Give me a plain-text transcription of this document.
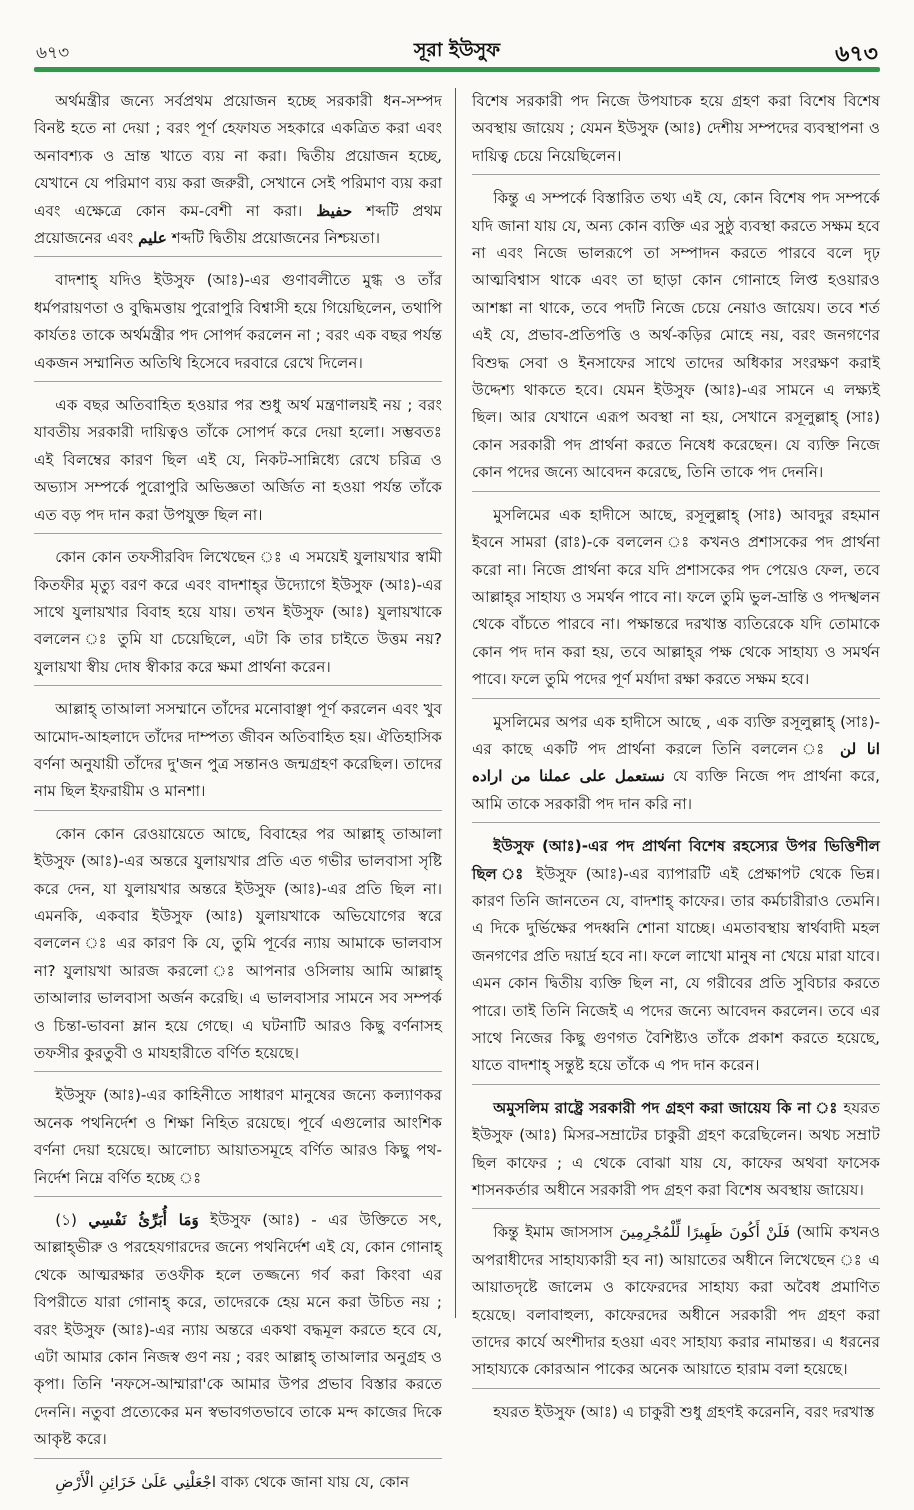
৬৭৩	সূরা ইউসুফ	৬৭৩

অর্থমন্ত্রীর জন্যে সর্বপ্রথম প্রয়োজন হচ্ছে সরকারী ধন-সম্পদ বিনষ্ট হতে না দেয়া ; বরং পূর্ণ হেফাযত সহকারে একত্রিত করা এবং অনাবশ্যক ও ভ্রান্ত খাতে ব্যয় না করা। দ্বিতীয় প্রয়োজন হচ্ছে, যেখানে যে পরিমাণ ব্যয় করা জরুরী, সেখানে সেই পরিমাণ ব্যয় করা এবং এক্ষেত্রে কোন কম-বেশী না করা। حفيظ শব্দটি প্রথম প্রয়োজনের এবং عليم শব্দটি দ্বিতীয় প্রয়োজনের নিশ্চয়তা।

বাদশাহ্‌ যদিও ইউসুফ (আঃ)-এর গুণাবলীতে মুগ্ধ ও তাঁর ধর্মপরায়ণতা ও বুদ্ধিমত্তায় পুরোপুরি বিশ্বাসী হয়ে গিয়েছিলেন, তথাপি কার্যতঃ তাকে অর্থমন্ত্রীর পদ সোপর্দ করলেন না ; বরং এক বছর পর্যন্ত একজন সম্মানিত অতিথি হিসেবে দরবারে রেখে দিলেন।

এক বছর অতিবাহিত হওয়ার পর শুধু অর্থ মন্ত্রণালয়ই নয় ; বরং যাবতীয় সরকারী দায়িত্বও তাঁকে সোপর্দ করে দেয়া হলো। সম্ভবতঃ এই বিলম্বের কারণ ছিল এই যে, নিকট-সান্নিধ্যে রেখে চরিত্র ও অভ্যাস সম্পর্কে পুরোপুরি অভিজ্ঞতা অর্জিত না হওয়া পর্যন্ত তাঁকে এত বড় পদ দান করা উপযুক্ত ছিল না।

কোন কোন তফসীরবিদ লিখেছেন ঃ এ সময়েই যুলায়খার স্বামী কিতফীর মৃত্যু বরণ করে এবং বাদশাহ্‌র উদ্যোগে ইউসুফ (আঃ)-এর সাথে যুলায়খার বিবাহ হয়ে যায়। তখন ইউসুফ (আঃ) যুলায়খাকে বললেন ঃ তুমি যা চেয়েছিলে, এটা কি তার চাইতে উত্তম নয়? যুলায়খা স্বীয় দোষ স্বীকার করে ক্ষমা প্রার্থনা করেন।

আল্লাহ্‌ তাআলা সসম্মানে তাঁদের মনোবাঞ্ছা পূর্ণ করলেন এবং খুব আমোদ-আহলাদে তাঁদের দাম্পত্য জীবন অতিবাহিত হয়। ঐতিহাসিক বর্ণনা অনুযায়ী তাঁদের দু'জন পুত্র সন্তানও জন্মগ্রহণ করেছিল। তাদের নাম ছিল ইফরায়ীম ও মানশা।

কোন কোন রেওয়ায়েতে আছে, বিবাহের পর আল্লাহ্‌ তাআলা ইউসুফ (আঃ)-এর অন্তরে যুলায়খার প্রতি এত গভীর ভালবাসা সৃষ্টি করে দেন, যা যুলায়খার অন্তরে ইউসুফ (আঃ)-এর প্রতি ছিল না। এমনকি, একবার ইউসুফ (আঃ) যুলায়খাকে অভিযোগের স্বরে বললেন ঃ এর কারণ কি যে, তুমি পূর্বের ন্যায় আমাকে ভালবাস না? যুলায়খা আরজ করলো ঃ আপনার ওসিলায় আমি আল্লাহ্‌ তাআলার ভালবাসা অর্জন করেছি। এ ভালবাসার সামনে সব সম্পর্ক ও চিন্তা-ভাবনা ম্লান হয়ে গেছে। এ ঘটনাটি আরও কিছু বর্ণনাসহ তফসীর কুরতুবী ও মাযহারীতে বর্ণিত হয়েছে।

ইউসুফ (আঃ)-এর কাহিনীতে সাধারণ মানুষের জন্যে কল্যাণকর অনেক পথনির্দেশ ও শিক্ষা নিহিত রয়েছে। পূর্বে এগুলোর আংশিক বর্ণনা দেয়া হয়েছে। আলোচ্য আয়াতসমূহে বর্ণিত আরও কিছু পথ-নির্দেশ নিম্নে বর্ণিত হচ্ছে ঃ

(১) وَمَا أُبَرِّئُ نَفْسِي ইউসুফ (আঃ) - এর উক্তিতে সৎ, আল্লাহ্‌ভীরু ও পরহেযগারদের জন্যে পথনির্দেশ এই যে, কোন গোনাহ্‌ থেকে আত্মরক্ষার তওফীক হলে তজ্জন্যে গর্ব করা কিংবা এর বিপরীতে যারা গোনাহ্‌ করে, তাদেরকে হেয় মনে করা উচিত নয় ; বরং ইউসুফ (আঃ)-এর ন্যায় অন্তরে একথা বদ্ধমূল করতে হবে যে, এটা আমার কোন নিজস্ব গুণ নয় ; বরং আল্লাহ্‌ তাআলার অনুগ্রহ ও কৃপা। তিনি 'নফসে-আম্মারা'কে আমার উপর প্রভাব বিস্তার করতে দেননি। নতুবা প্রত্যেকের মন স্বভাবগতভাবে তাকে মন্দ কাজের দিকে আকৃষ্ট করে।

اجْعَلْنِي عَلَىٰ خَزَائِنِ الْأَرْضِ বাক্য থেকে জানা যায় যে, কোন

বিশেষ সরকারী পদ নিজে উপযাচক হয়ে গ্রহণ করা বিশেষ বিশেষ অবস্থায় জায়েয ; যেমন ইউসুফ (আঃ) দেশীয় সম্পদের ব্যবস্থাপনা ও দায়িত্ব চেয়ে নিয়েছিলেন।

কিন্তু এ সম্পর্কে বিস্তারিত তথ্য এই যে, কোন বিশেষ পদ সম্পর্কে যদি জানা যায় যে, অন্য কোন ব্যক্তি এর সুষ্ঠু ব্যবস্থা করতে সক্ষম হবে না এবং নিজে ভালরূপে তা সম্পাদন করতে পারবে বলে দৃঢ় আত্মবিশ্বাস থাকে এবং তা ছাড়া কোন গোনাহে লিপ্ত হওয়ারও আশঙ্কা না থাকে, তবে পদটি নিজে চেয়ে নেয়াও জায়েয। তবে শর্ত এই যে, প্রভাব-প্রতিপত্তি ও অর্থ-কড়ির মোহে নয়, বরং জনগণের বিশুদ্ধ সেবা ও ইনসাফের সাথে তাদের অধিকার সংরক্ষণ করাই উদ্দেশ্য থাকতে হবে। যেমন ইউসুফ (আঃ)-এর সামনে এ লক্ষ্যই ছিল। আর যেখানে এরূপ অবস্থা না হয়, সেখানে রসূলুল্লাহ্‌ (সাঃ) কোন সরকারী পদ প্রার্থনা করতে নিষেধ করেছেন। যে ব্যক্তি নিজে কোন পদের জন্যে আবেদন করেছে, তিনি তাকে পদ দেননি।

মুসলিমের এক হাদীসে আছে, রসূলুল্লাহ্‌ (সাঃ) আবদুর রহমান ইবনে সামরা (রাঃ)-কে বললেন ঃ কখনও প্রশাসকের পদ প্রার্থনা করো না। নিজে প্রার্থনা করে যদি প্রশাসকের পদ পেয়েও ফেল, তবে আল্লাহ্‌র সাহায্য ও সমর্থন পাবে না। ফলে তুমি ভুল-ভ্রান্তি ও পদস্খলন থেকে বাঁচতে পারবে না। পক্ষান্তরে দরখাস্ত ব্যতিরেকে যদি তোমাকে কোন পদ দান করা হয়, তবে আল্লাহ্‌র পক্ষ থেকে সাহায্য ও সমর্থন পাবে। ফলে তুমি পদের পূর্ণ মর্যাদা রক্ষা করতে সক্ষম হবে।

মুসলিমের অপর এক হাদীসে আছে , এক ব্যক্তি রসূলুল্লাহ্‌ (সাঃ)-এর কাছে একটি পদ প্রার্থনা করলে তিনি বললেন ঃ انا لن نستعمل على عملنا من اراده যে ব্যক্তি নিজে পদ প্রার্থনা করে, আমি তাকে সরকারী পদ দান করি না।

ইউসুফ (আঃ)-এর পদ প্রার্থনা বিশেষ রহস্যের উপর ভিত্তিশীল ছিল ঃ ইউসুফ (আঃ)-এর ব্যাপারটি এই প্রেক্ষাপট থেকে ভিন্ন। কারণ তিনি জানতেন যে, বাদশাহ্‌ কাফের। তার কর্মচারীরাও তেমনি। এ দিকে দুর্ভিক্ষের পদধ্বনি শোনা যাচ্ছে। এমতাবস্থায় স্বার্থবাদী মহল জনগণের প্রতি দয়ার্দ্র হবে না। ফলে লাখো মানুষ না খেয়ে মারা যাবে। এমন কোন দ্বিতীয় ব্যক্তি ছিল না, যে গরীবের প্রতি সুবিচার করতে পারে। তাই তিনি নিজেই এ পদের জন্যে আবেদন করলেন। তবে এর সাথে নিজের কিছু গুণগত বৈশিষ্ট্যও তাঁকে প্রকাশ করতে হয়েছে, যাতে বাদশাহ্‌ সন্তুষ্ট হয়ে তাঁকে এ পদ দান করেন।

অমুসলিম রাষ্ট্রে সরকারী পদ গ্রহণ করা জায়েয কি না ঃ হযরত ইউসুফ (আঃ) মিসর-সম্রাটের চাকুরী গ্রহণ করেছিলেন। অথচ সম্রাট ছিল কাফের ; এ থেকে বোঝা যায় যে, কাফের অথবা ফাসেক শাসনকর্তার অধীনে সরকারী পদ গ্রহণ করা বিশেষ অবস্থায় জায়েয।

কিন্তু ইমাম জাসসাস فَلَنْ أَكُونَ ظَهِيرًا لِّلْمُجْرِمِينَ (আমি কখনও অপরাধীদের সাহায্যকারী হব না) আয়াতের অধীনে লিখেছেন ঃ এ আয়াতদৃষ্টে জালেম ও কাফেরদের সাহায্য করা অবৈধ প্রমাণিত হয়েছে। বলাবাহুল্য, কাফেরদের অধীনে সরকারী পদ গ্রহণ করা তাদের কার্যে অংশীদার হওয়া এবং সাহায্য করার নামান্তর। এ ধরনের সাহায্যকে কোরআন পাকের অনেক আয়াতে হারাম বলা হয়েছে।

হযরত ইউসুফ (আঃ) এ চাকুরী শুধু গ্রহণই করেননি, বরং দরখাস্ত
